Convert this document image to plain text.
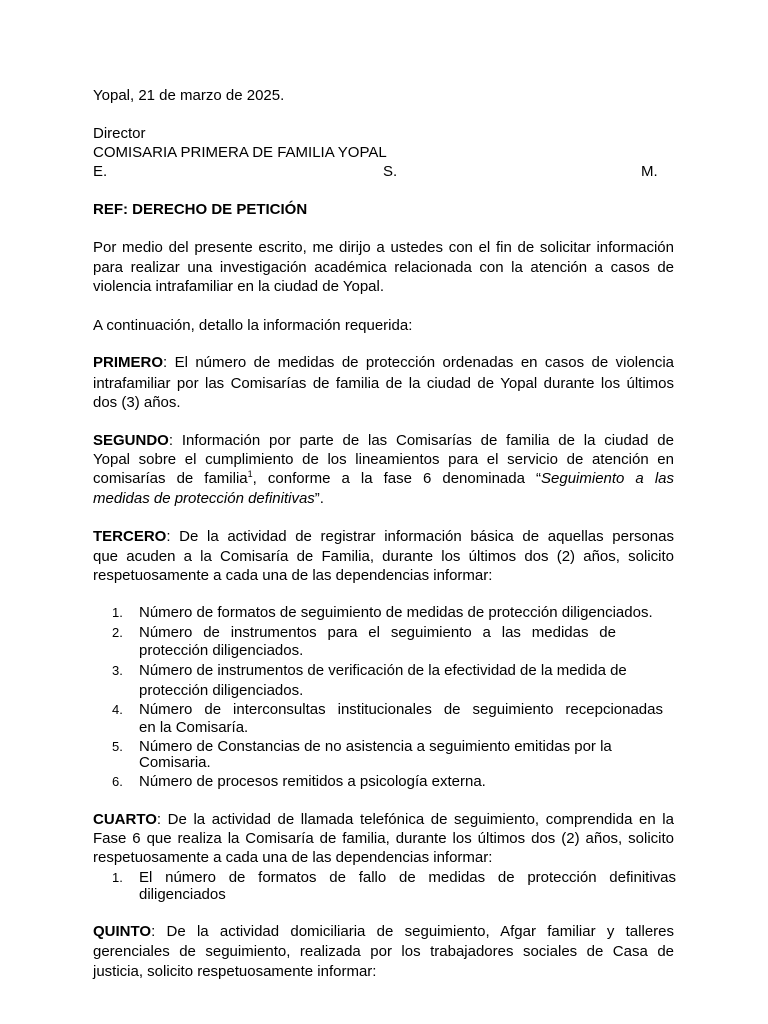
Yopal, 21 de marzo de 2025.
Director
COMISARIA PRIMERA DE FAMILIA YOPAL
E.	S.	M.
REF: DERECHO DE PETICIÓN
Por medio del presente escrito, me dirijo a ustedes con el fin de solicitar información
para realizar una investigación académica relacionada con la atención a casos de
violencia intrafamiliar en la ciudad de Yopal.
A continuación, detallo la información requerida:
PRIMERO: El número de medidas de protección ordenadas en casos de violencia
intrafamiliar por las Comisarías de familia de la ciudad de Yopal durante los últimos
dos (3) años.
SEGUNDO: Información por parte de las Comisarías de familia de la ciudad de
Yopal sobre el cumplimiento de los lineamientos para el servicio de atención en
comisarías de familia$^1$, conforme a la fase 6 denominada “Seguimiento a las
medidas de protección definitivas”.
TERCERO: De la actividad de registrar información básica de aquellas personas
que acuden a la Comisaría de Familia, durante los últimos dos (2) años, solicito
respetuosamente a cada una de las dependencias informar:
1. Número de formatos de seguimiento de medidas de protección diligenciados.
2. Número de instrumentos para el seguimiento a las medidas de
protección diligenciados.
3. Número de instrumentos de verificación de la efectividad de la medida de
protección diligenciados.
4. Número de interconsultas institucionales de seguimiento recepcionadas
en la Comisaría.
5. Número de Constancias de no asistencia a seguimiento emitidas por la
Comisaria.
6. Número de procesos remitidos a psicología externa.
CUARTO: De la actividad de llamada telefónica de seguimiento, comprendida en la
Fase 6 que realiza la Comisaría de familia, durante los últimos dos (2) años, solicito
respetuosamente a cada una de las dependencias informar:
1. El número de formatos de fallo de medidas de protección definitivas
diligenciados
QUINTO: De la actividad domiciliaria de seguimiento, Afgar familiar y talleres
gerenciales de seguimiento, realizada por los trabajadores sociales de Casa de
justicia, solicito respetuosamente informar:
